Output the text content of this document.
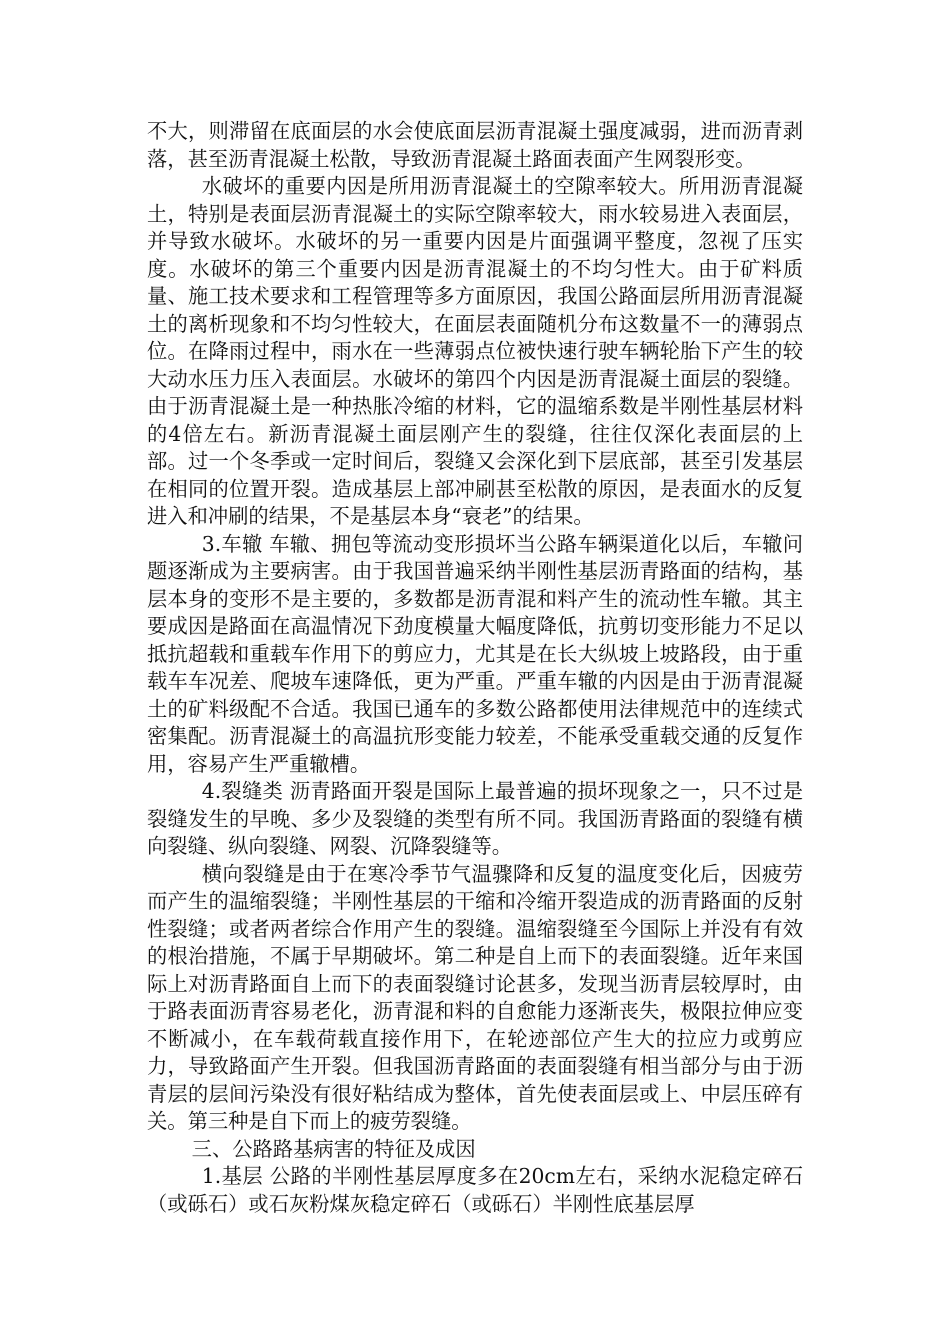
不大，则滞留在底面层的水会使底面层沥青混凝土强度减弱，进而沥青剥落，甚至沥青混凝土松散，导致沥青混凝土路面表面产生网裂形变。

水破坏的重要内因是所用沥青混凝土的空隙率较大。所用沥青混凝土，特别是表面层沥青混凝土的实际空隙率较大，雨水较易进入表面层，并导致水破坏。水破坏的另一重要内因是片面强调平整度，忽视了压实度。水破坏的第三个重要内因是沥青混凝土的不均匀性大。由于矿料质量、施工技术要求和工程管理等多方面原因，我国公路面层所用沥青混凝土的离析现象和不均匀性较大，在面层表面随机分布这数量不一的薄弱点位。在降雨过程中，雨水在一些薄弱点位被快速行驶车辆轮胎下产生的较大动水压力压入表面层。水破坏的第四个内因是沥青混凝土面层的裂缝。由于沥青混凝土是一种热胀冷缩的材料，它的温缩系数是半刚性基层材料的4倍左右。新沥青混凝土面层刚产生的裂缝，往往仅深化表面层的上部。过一个冬季或一定时间后，裂缝又会深化到下层底部，甚至引发基层在相同的位置开裂。造成基层上部冲刷甚至松散的原因，是表面水的反复进入和冲刷的结果，不是基层本身“衰老”的结果。

3.车辙 车辙、拥包等流动变形损坏当公路车辆渠道化以后，车辙问题逐渐成为主要病害。由于我国普遍采纳半刚性基层沥青路面的结构，基层本身的变形不是主要的，多数都是沥青混和料产生的流动性车辙。其主要成因是路面在高温情况下劲度模量大幅度降低，抗剪切变形能力不足以抵抗超载和重载车作用下的剪应力，尤其是在长大纵坡上坡路段，由于重载车车况差、爬坡车速降低，更为严重。严重车辙的内因是由于沥青混凝土的矿料级配不合适。我国已通车的多数公路都使用法律规范中的连续式密集配。沥青混凝土的高温抗形变能力较差，不能承受重载交通的反复作用，容易产生严重辙槽。

4.裂缝类 沥青路面开裂是国际上最普遍的损坏现象之一，只不过是裂缝发生的早晚、多少及裂缝的类型有所不同。我国沥青路面的裂缝有横向裂缝、纵向裂缝、网裂、沉降裂缝等。

横向裂缝是由于在寒冷季节气温骤降和反复的温度变化后，因疲劳而产生的温缩裂缝；半刚性基层的干缩和冷缩开裂造成的沥青路面的反射性裂缝；或者两者综合作用产生的裂缝。温缩裂缝至今国际上并没有有效的根治措施，不属于早期破坏。第二种是自上而下的表面裂缝。近年来国际上对沥青路面自上而下的表面裂缝讨论甚多，发现当沥青层较厚时，由于路表面沥青容易老化，沥青混和料的自愈能力逐渐丧失，极限拉伸应变不断减小，在车载荷载直接作用下，在轮迹部位产生大的拉应力或剪应力，导致路面产生开裂。但我国沥青路面的表面裂缝有相当部分与由于沥青层的层间污染没有很好粘结成为整体，首先使表面层或上、中层压碎有关。第三种是自下而上的疲劳裂缝。

三、公路路基病害的特征及成因

1.基层 公路的半刚性基层厚度多在20cm左右，采纳水泥稳定碎石（或砾石）或石灰粉煤灰稳定碎石（或砾石）半刚性底基层厚
